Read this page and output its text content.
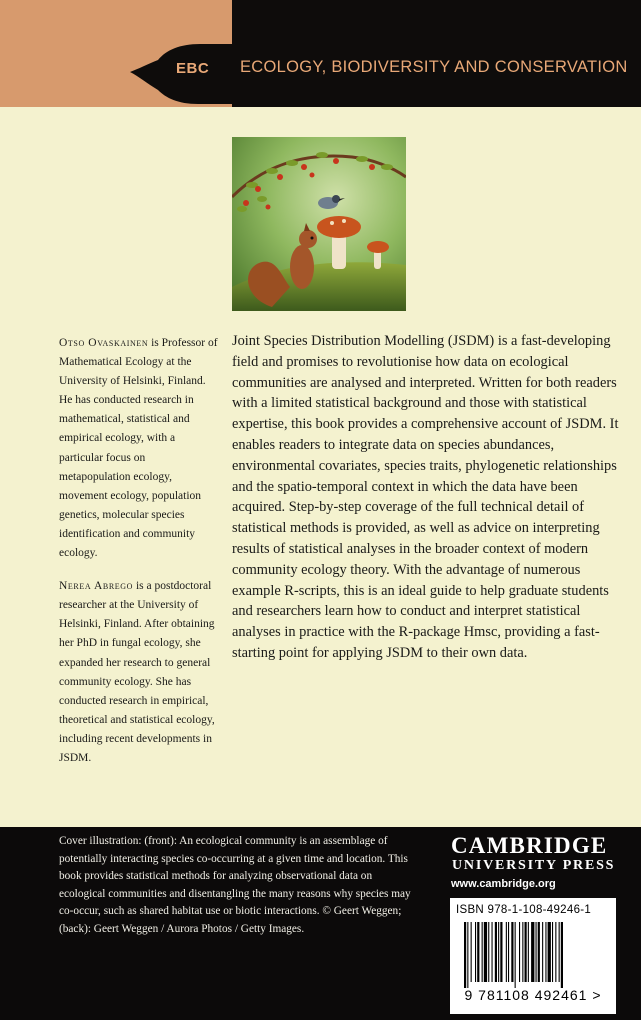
EBC ECOLOGY, BIODIVERSITY AND CONSERVATION

Otso Ovaskainen is Professor of Mathematical Ecology at the University of Helsinki, Finland. He has conducted research in mathematical, statistical and empirical ecology, with a particular focus on metapopulation ecology, movement ecology, population genetics, molecular species identification and community ecology.

Nerea Abrego is a postdoctoral researcher at the University of Helsinki, Finland. After obtaining her PhD in fungal ecology, she expanded her research to general community ecology. She has conducted research in empirical, theoretical and statistical ecology, including recent developments in JSDM.

Joint Species Distribution Modelling (JSDM) is a fast-developing field and promises to revolutionise how data on ecological communities are analysed and interpreted. Written for both readers with a limited statistical background and those with statistical expertise, this book provides a comprehensive account of JSDM. It enables readers to integrate data on species abundances, environmental covariates, species traits, phylogenetic relationships and the spatio-temporal context in which the data have been acquired. Step-by-step coverage of the full technical detail of statistical methods is provided, as well as advice on interpreting results of statistical analyses in the broader context of modern community ecology theory. With the advantage of numerous example R-scripts, this is an ideal guide to help graduate students and researchers learn how to conduct and interpret statistical analyses in practice with the R-package Hmsc, providing a fast-starting point for applying JSDM to their own data.

Cover illustration: (front): An ecological community is an assemblage of potentially interacting species co-occurring at a given time and location. This book provides statistical methods for analyzing observational data on ecological communities and disentangling the many reasons why species may co-occur, such as shared habitat use or biotic interactions. © Geert Weggen; (back): Geert Weggen / Aurora Photos / Getty Images.

CAMBRIDGE
UNIVERSITY PRESS
www.cambridge.org
ISBN 978-1-108-49246-1
9 781108 492461 >
